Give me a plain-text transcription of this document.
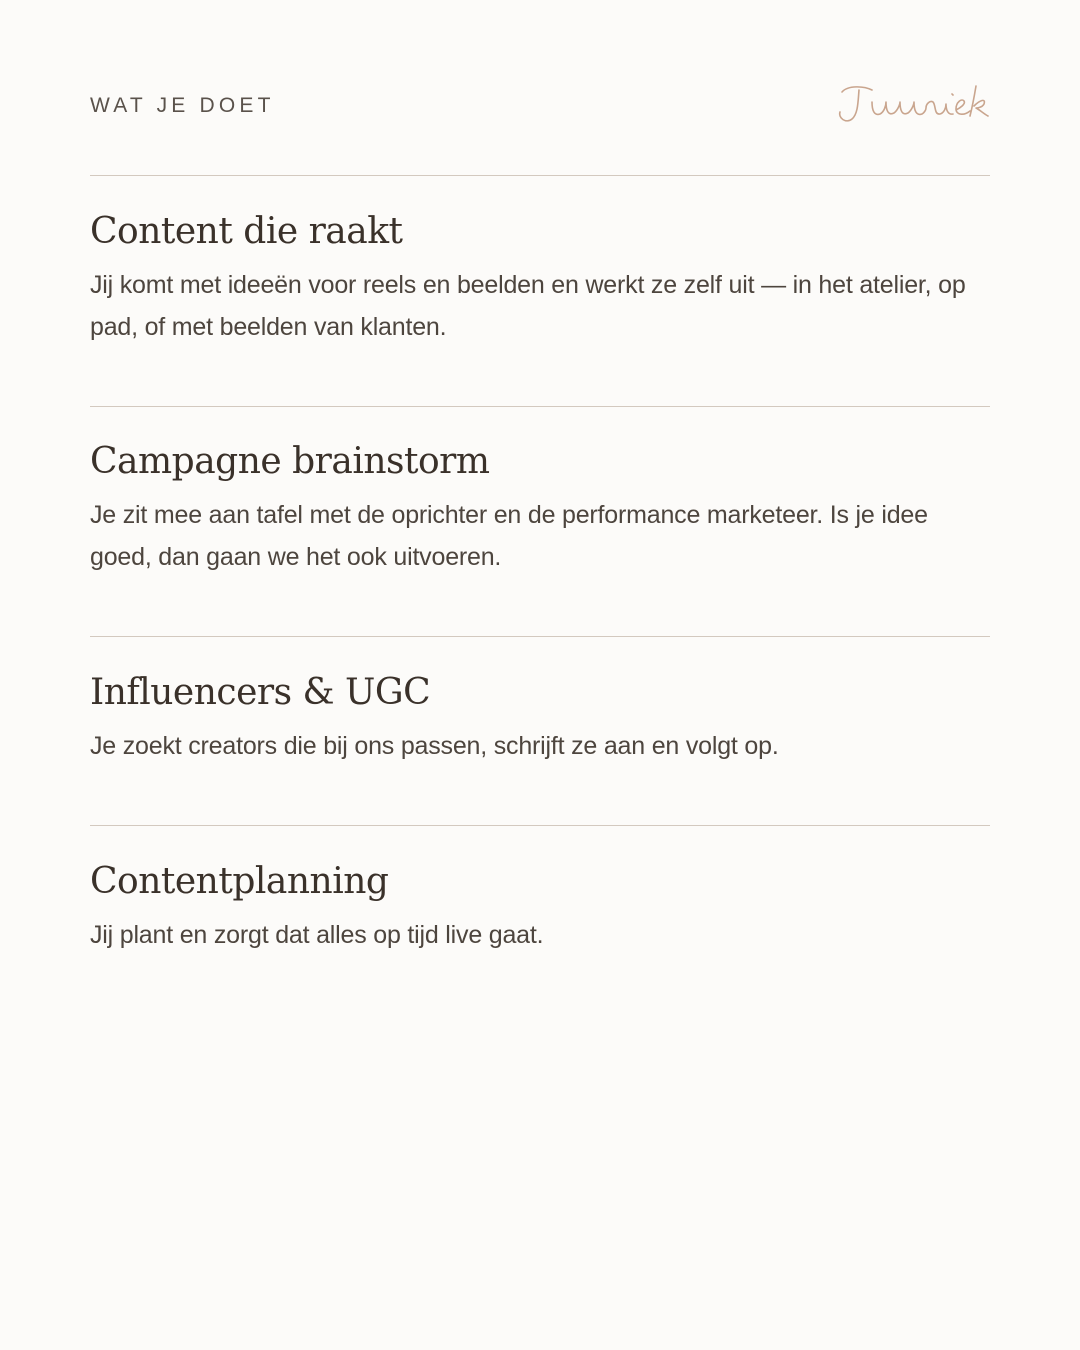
WAT JE DOET
Content die raakt

Jij komt met ideeën voor reels en beelden en werkt ze zelf uit — in het atelier, op pad, of met beelden van klanten.

Campagne brainstorm

Je zit mee aan tafel met de oprichter en de performance marketeer. Is je idee goed, dan gaan we het ook uitvoeren.

Influencers & UGC

Je zoekt creators die bij ons passen, schrijft ze aan en volgt op.

Contentplanning

Jij plant en zorgt dat alles op tijd live gaat.
